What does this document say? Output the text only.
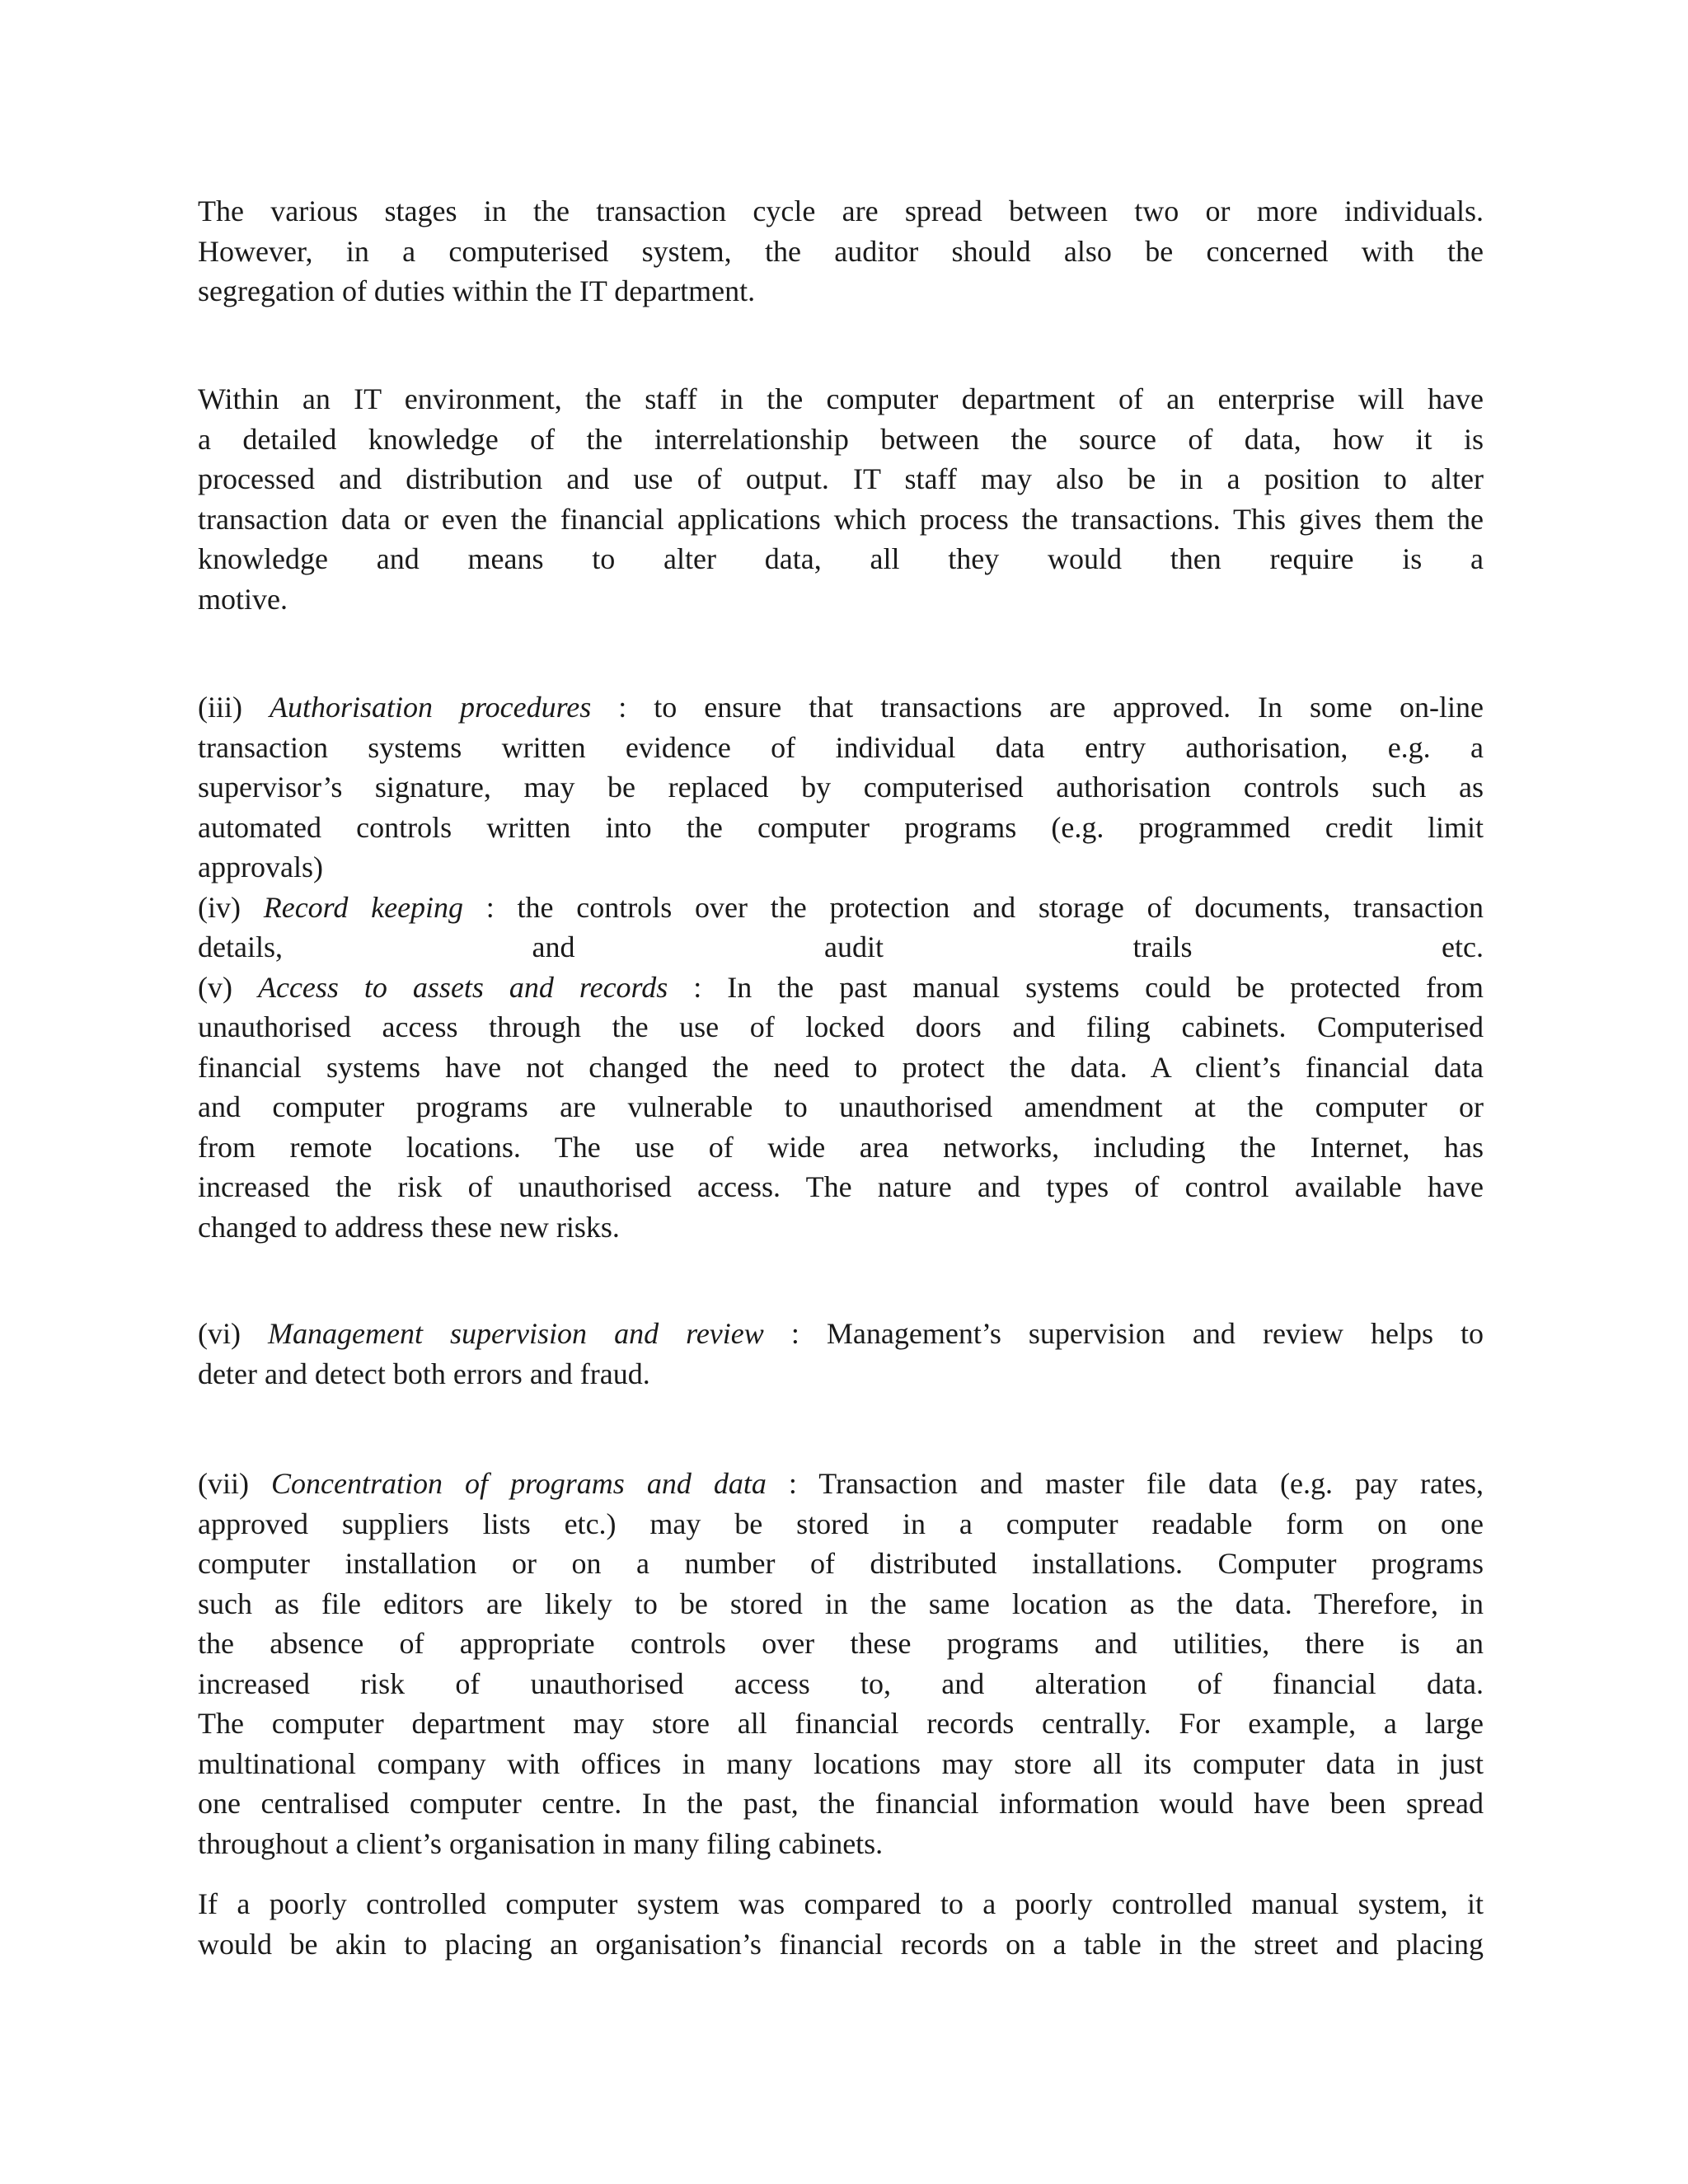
The various stages in the transaction cycle are spread between two or more individuals.
However, in a computerised system, the auditor should also be concerned with the
segregation of duties within the IT department.
Within an IT environment, the staff in the computer department of an enterprise will have
a detailed knowledge of the interrelationship between the source of data, how it is
processed and distribution and use of output. IT staff may also be in a position to alter
transaction data or even the financial applications which process the transactions. This gives them the
knowledge and means to alter data, all they would then require is a
motive.
(iii) Authorisation procedures : to ensure that transactions are approved. In some on-line
transaction systems written evidence of individual data entry authorisation, e.g. a
supervisor’s signature, may be replaced by computerised authorisation controls such as
automated controls written into the computer programs (e.g. programmed credit limit
approvals)
(iv) Record keeping : the controls over the protection and storage of documents, transaction
details, and audit trails etc.
(v) Access to assets and records : In the past manual systems could be protected from
unauthorised access through the use of locked doors and filing cabinets. Computerised
financial systems have not changed the need to protect the data. A client’s financial data
and computer programs are vulnerable to unauthorised amendment at the computer or
from remote locations. The use of wide area networks, including the Internet, has
increased the risk of unauthorised access. The nature and types of control available have
changed to address these new risks.
(vi) Management supervision and review : Management’s supervision and review helps to
deter and detect both errors and fraud.
(vii) Concentration of programs and data : Transaction and master file data (e.g. pay rates,
approved suppliers lists etc.) may be stored in a computer readable form on one
computer installation or on a number of distributed installations. Computer programs
such as file editors are likely to be stored in the same location as the data. Therefore, in
the absence of appropriate controls over these programs and utilities, there is an
increased risk of unauthorised access to, and alteration of financial data.
The computer department may store all financial records centrally. For example, a large
multinational company with offices in many locations may store all its computer data in just
one centralised computer centre. In the past, the financial information would have been spread
throughout a client’s organisation in many filing cabinets.
If a poorly controlled computer system was compared to a poorly controlled manual system, it
would be akin to placing an organisation’s financial records on a table in the street and placing
